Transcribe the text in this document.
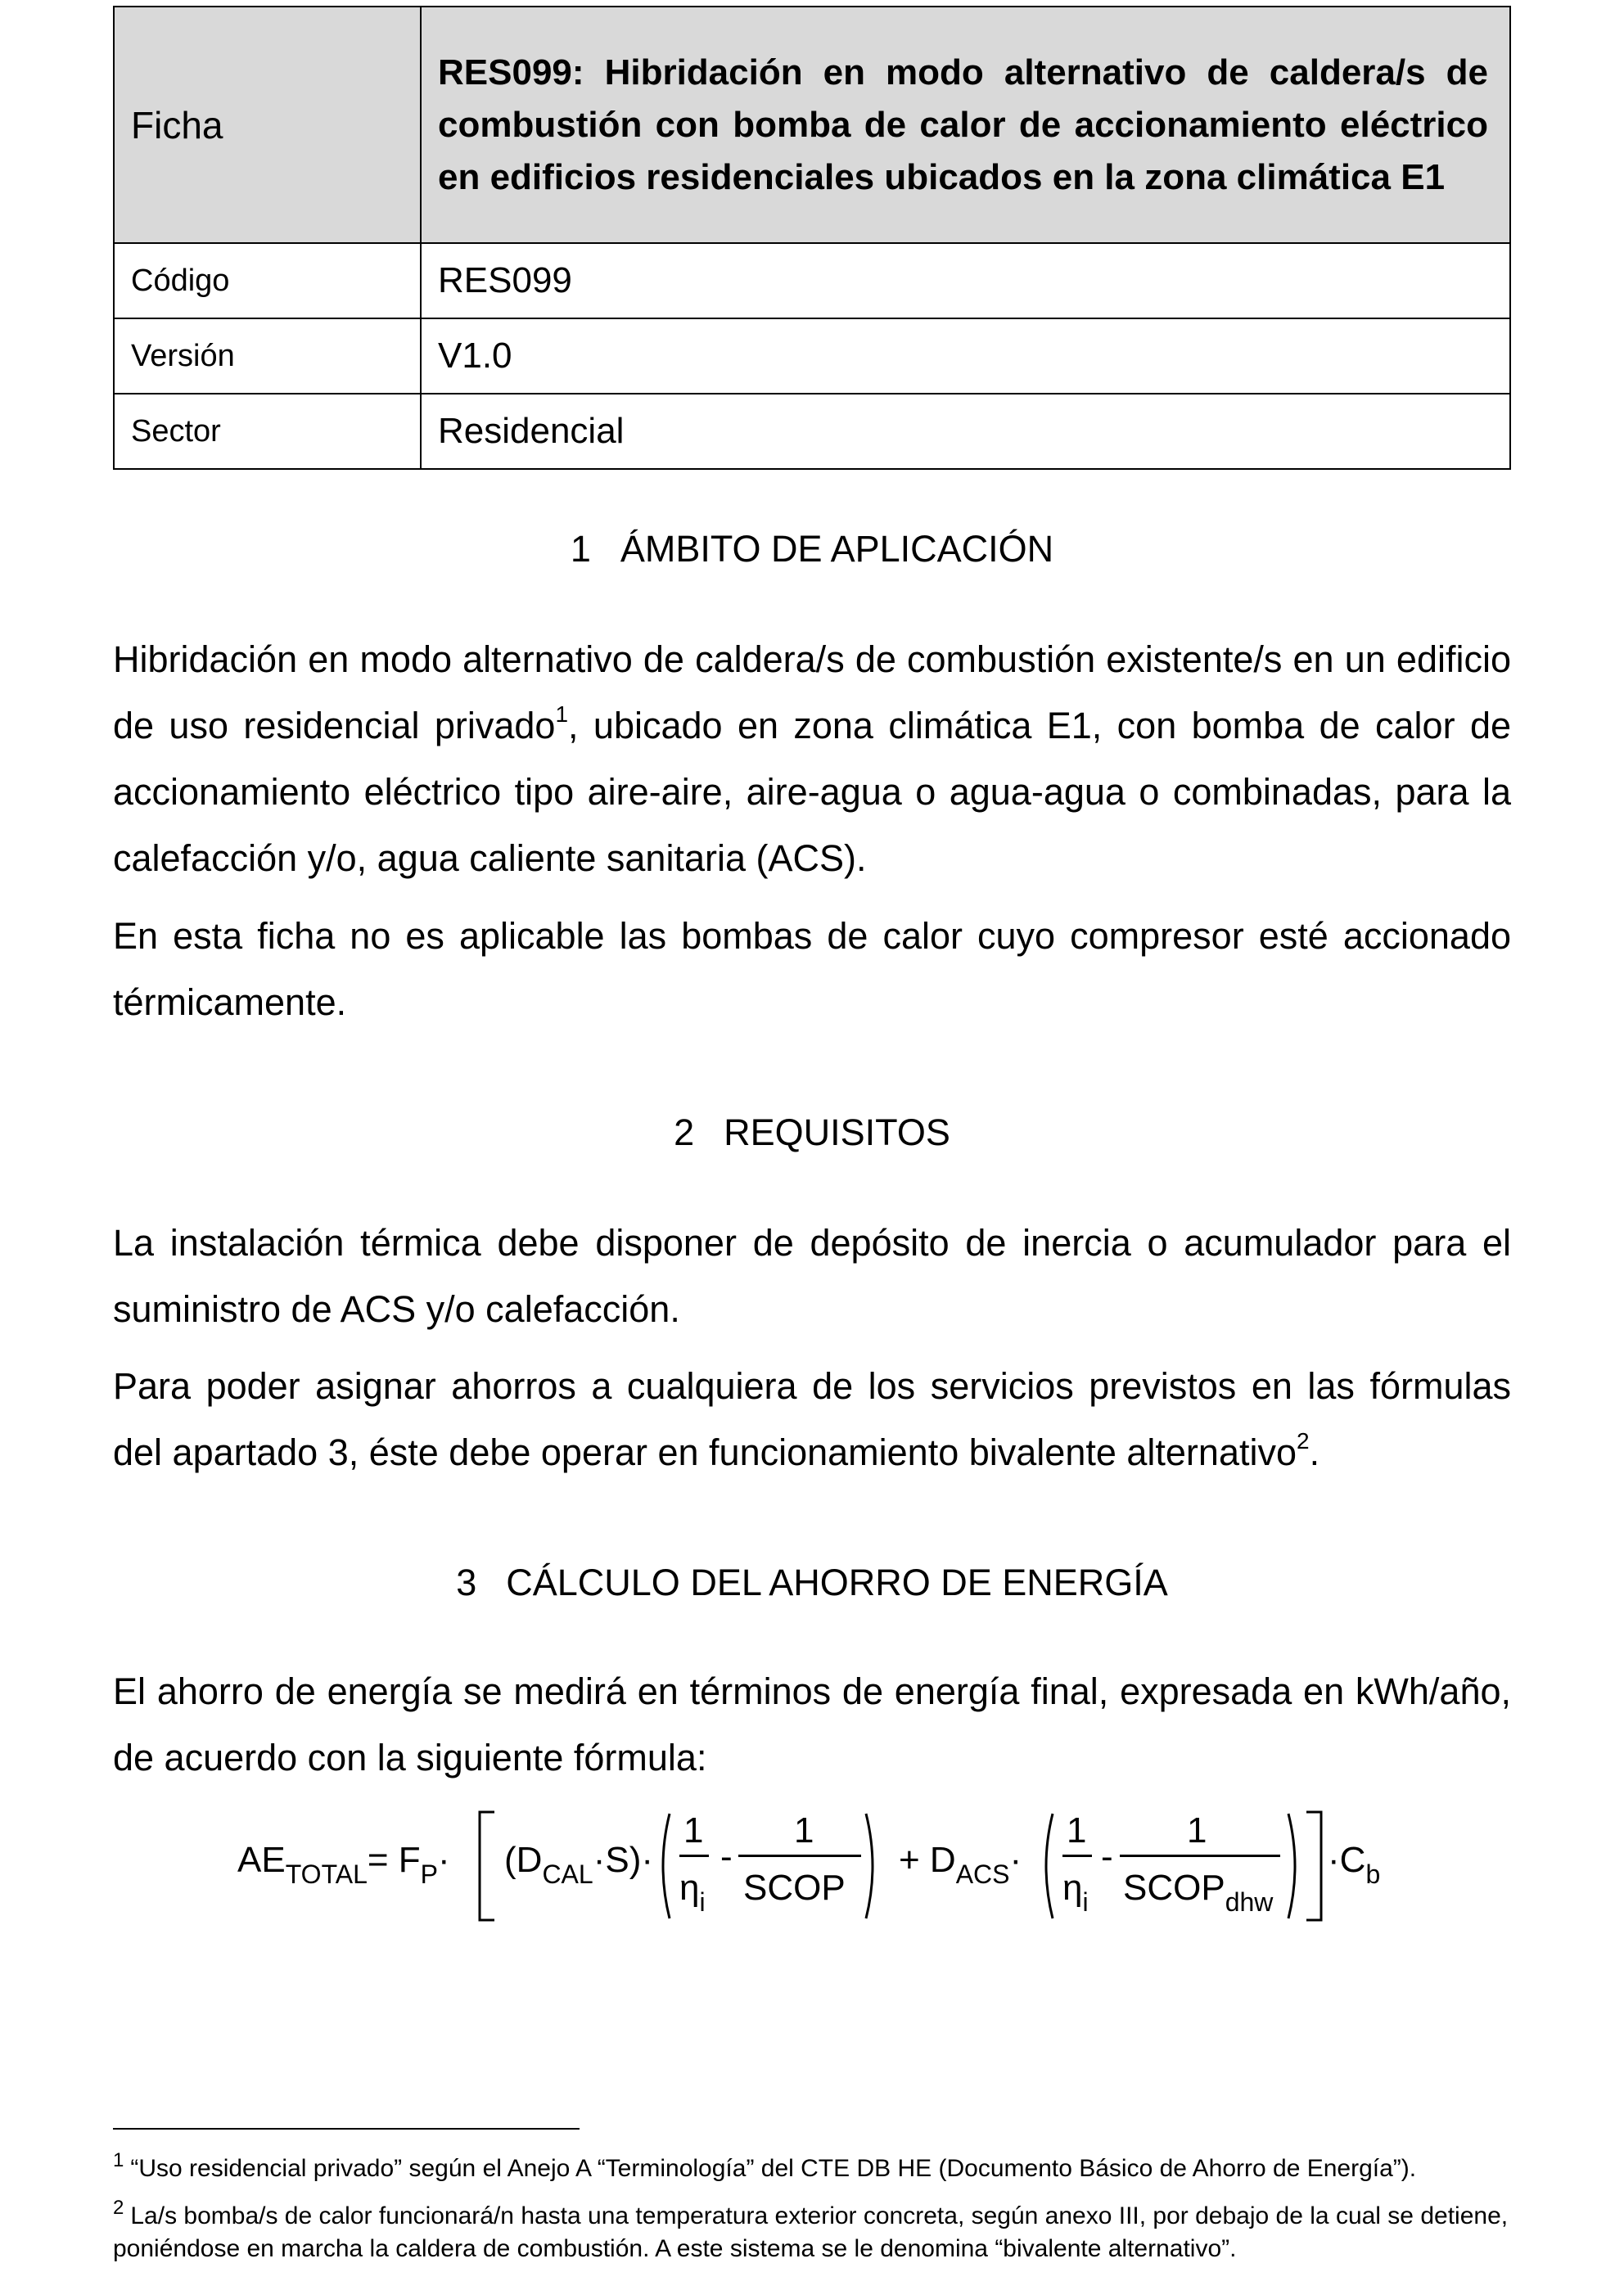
Ficha	RES099: Hibridación en modo alternativo de caldera/s de combustión con bomba de calor de accionamiento eléctrico en edificios residenciales ubicados en la zona climática E1
Código	RES099
Versión	V1.0
Sector	Residencial
1 ÁMBITO DE APLICACIÓN

Hibridación en modo alternativo de caldera/s de combustión existente/s en un edificio de uso residencial privado$^1$, ubicado en zona climática E1, con bomba de calor de accionamiento eléctrico tipo aire-aire, aire-agua o agua-agua o combinadas, para la calefacción y/o, agua caliente sanitaria (ACS).

En esta ficha no es aplicable las bombas de calor cuyo compresor esté accionado térmicamente.

2 REQUISITOS

La instalación térmica debe disponer de depósito de inercia o acumulador para el suministro de ACS y/o calefacción.

Para poder asignar ahorros a cualquiera de los servicios previstos en las fórmulas del apartado 3, éste debe operar en funcionamiento bivalente alternativo$^2$.

3 CÁLCULO DEL AHORRO DE ENERGÍA

El ahorro de energía se medirá en términos de energía final, expresada en kWh/año, de acuerdo con la siguiente fórmula:

$AE_{TOTAL}= F_P\cdot (D_{CAL}\cdot S)\cdot$
1
$\eta_i$
-
1
SCOP
+ $D_{ACS}\cdot$
1
$\eta_i$
-
1
$SCOP_{dhw}$
$\cdot C_b$

$^1$ “Uso residencial privado” según el Anejo A “Terminología” del CTE DB HE (Documento Básico de Ahorro de Energía”).

$^2$ La/s bomba/s de calor funcionará/n hasta una temperatura exterior concreta, según anexo III, por debajo de la cual se detiene, poniéndose en marcha la caldera de combustión. A este sistema se le denomina “bivalente alternativo”.
